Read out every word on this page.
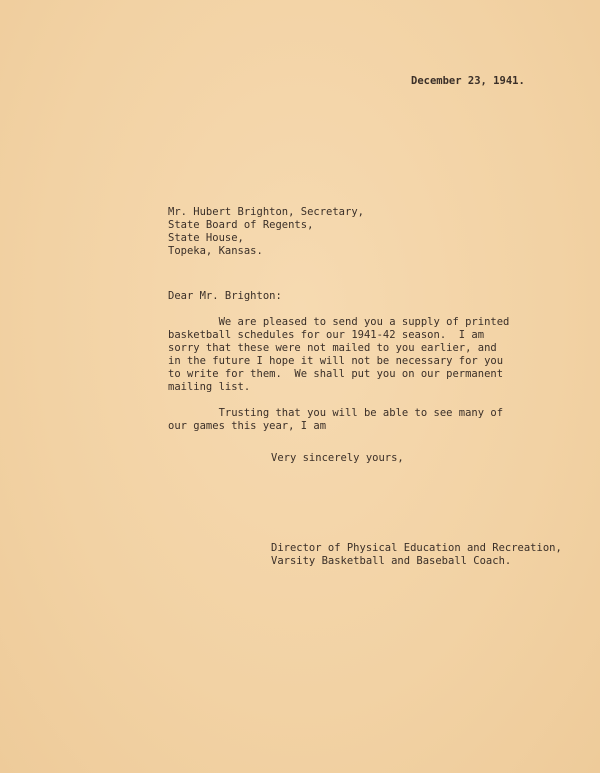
December 23, 1941.
Mr. Hubert Brighton, Secretary,
State Board of Regents,
State House,
Topeka, Kansas.
Dear Mr. Brighton:
We are pleased to send you a supply of printed
basketball schedules for our 1941-42 season.  I am
sorry that these were not mailed to you earlier, and
in the future I hope it will not be necessary for you
to write for them.  We shall put you on our permanent
mailing list.
Trusting that you will be able to see many of
our games this year, I am
Very sincerely yours,
Director of Physical Education and Recreation,
Varsity Basketball and Baseball Coach.
